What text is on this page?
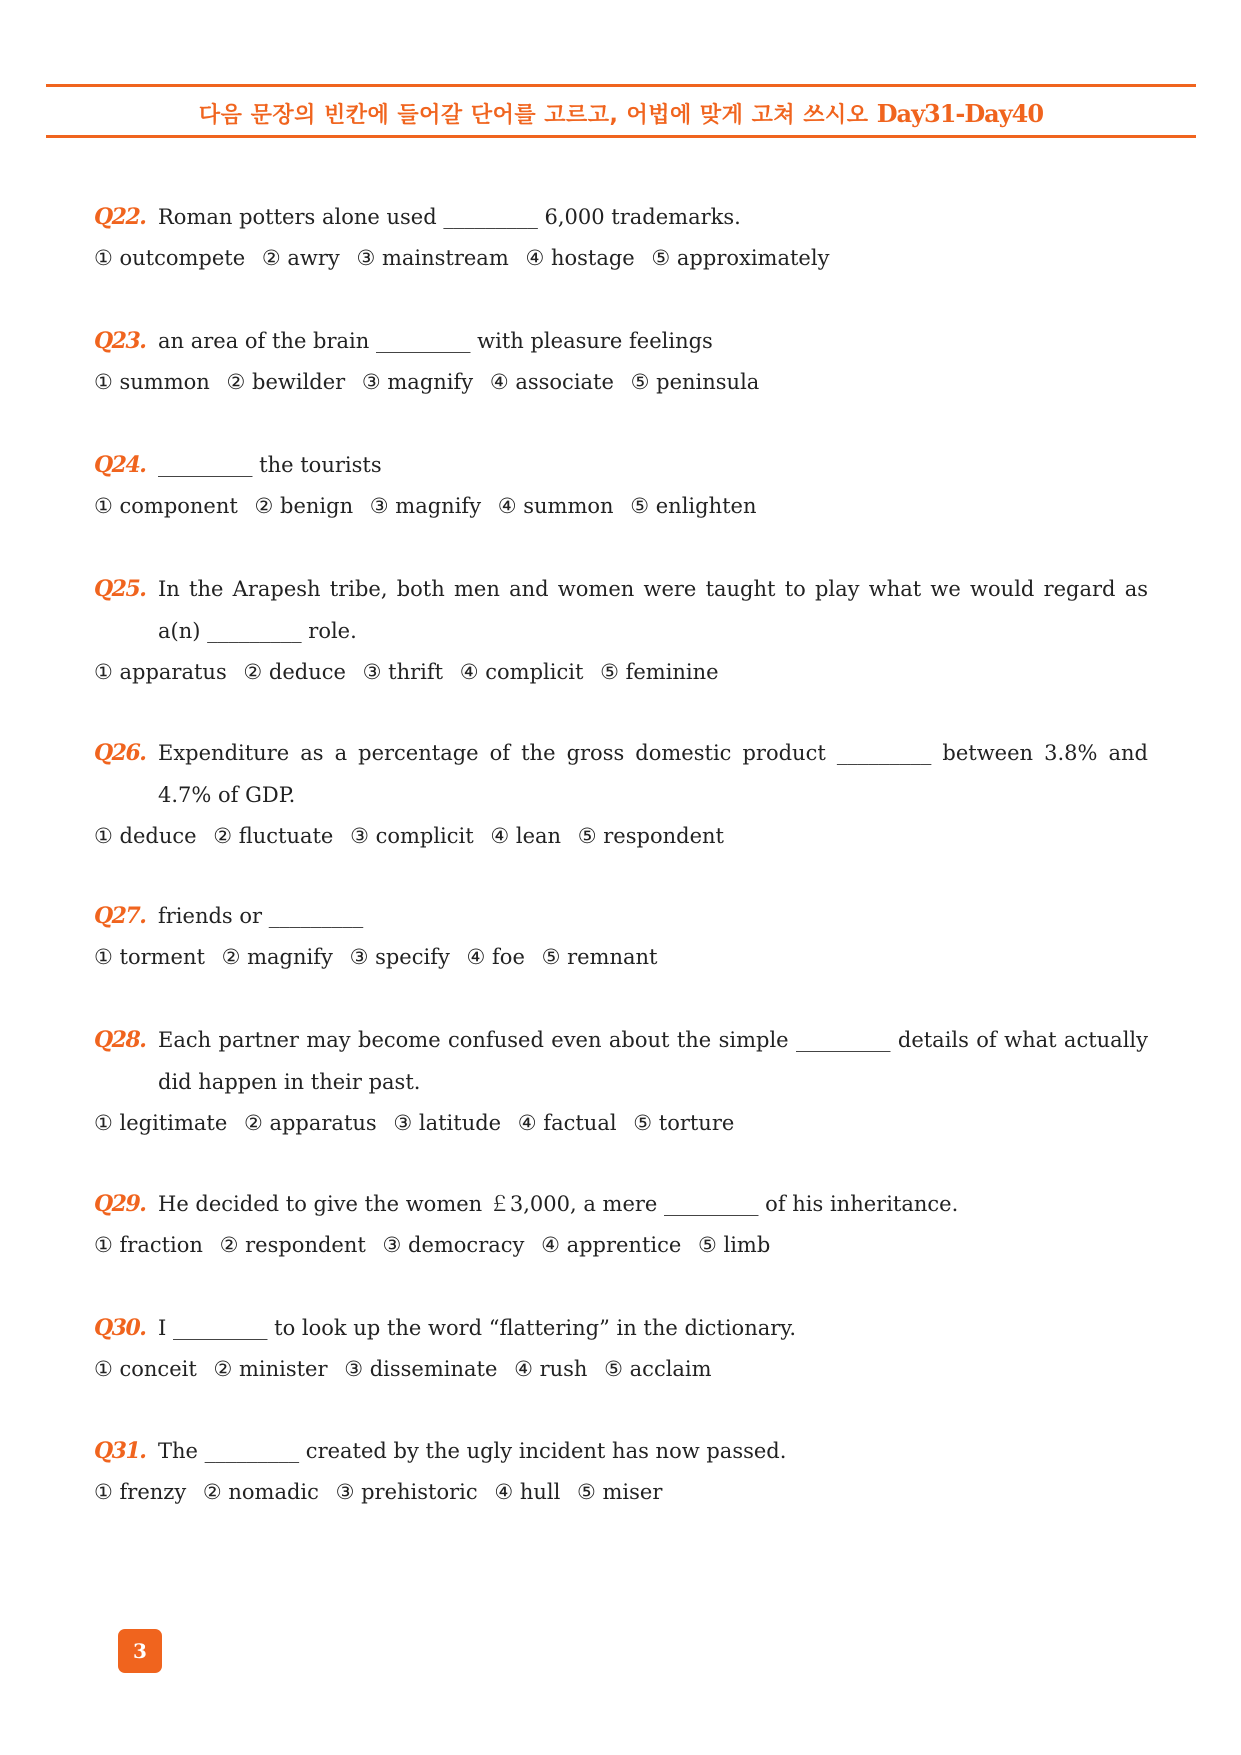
다음 문장의 빈칸에 들어갈 단어를 고르고, 어법에 맞게 고쳐 쓰시오 Day31-Day40
Q22. Roman potters alone used _________ 6,000 trademarks.
① outcompete ② awry ③ mainstream ④ hostage ⑤ approximately
Q23. an area of the brain _________ with pleasure feelings
① summon ② bewilder ③ magnify ④ associate ⑤ peninsula
Q24. _________ the tourists
① component ② benign ③ magnify ④ summon ⑤ enlighten
Q25. In the Arapesh tribe, both men and women were taught to play what we would regard as a(n) _________ role.
① apparatus ② deduce ③ thrift ④ complicit ⑤ feminine
Q26. Expenditure as a percentage of the gross domestic product _________ between 3.8% and 4.7% of GDP.
① deduce ② fluctuate ③ complicit ④ lean ⑤ respondent
Q27. friends or _________
① torment ② magnify ③ specify ④ foe ⑤ remnant
Q28. Each partner may become confused even about the simple _________ details of what actually did happen in their past.
① legitimate ② apparatus ③ latitude ④ factual ⑤ torture
Q29. He decided to give the women ￡3,000, a mere _________ of his inheritance.
① fraction ② respondent ③ democracy ④ apprentice ⑤ limb
Q30. I _________ to look up the word “flattering” in the dictionary.
① conceit ② minister ③ disseminate ④ rush ⑤ acclaim
Q31. The _________ created by the ugly incident has now passed.
① frenzy ② nomadic ③ prehistoric ④ hull ⑤ miser
3
